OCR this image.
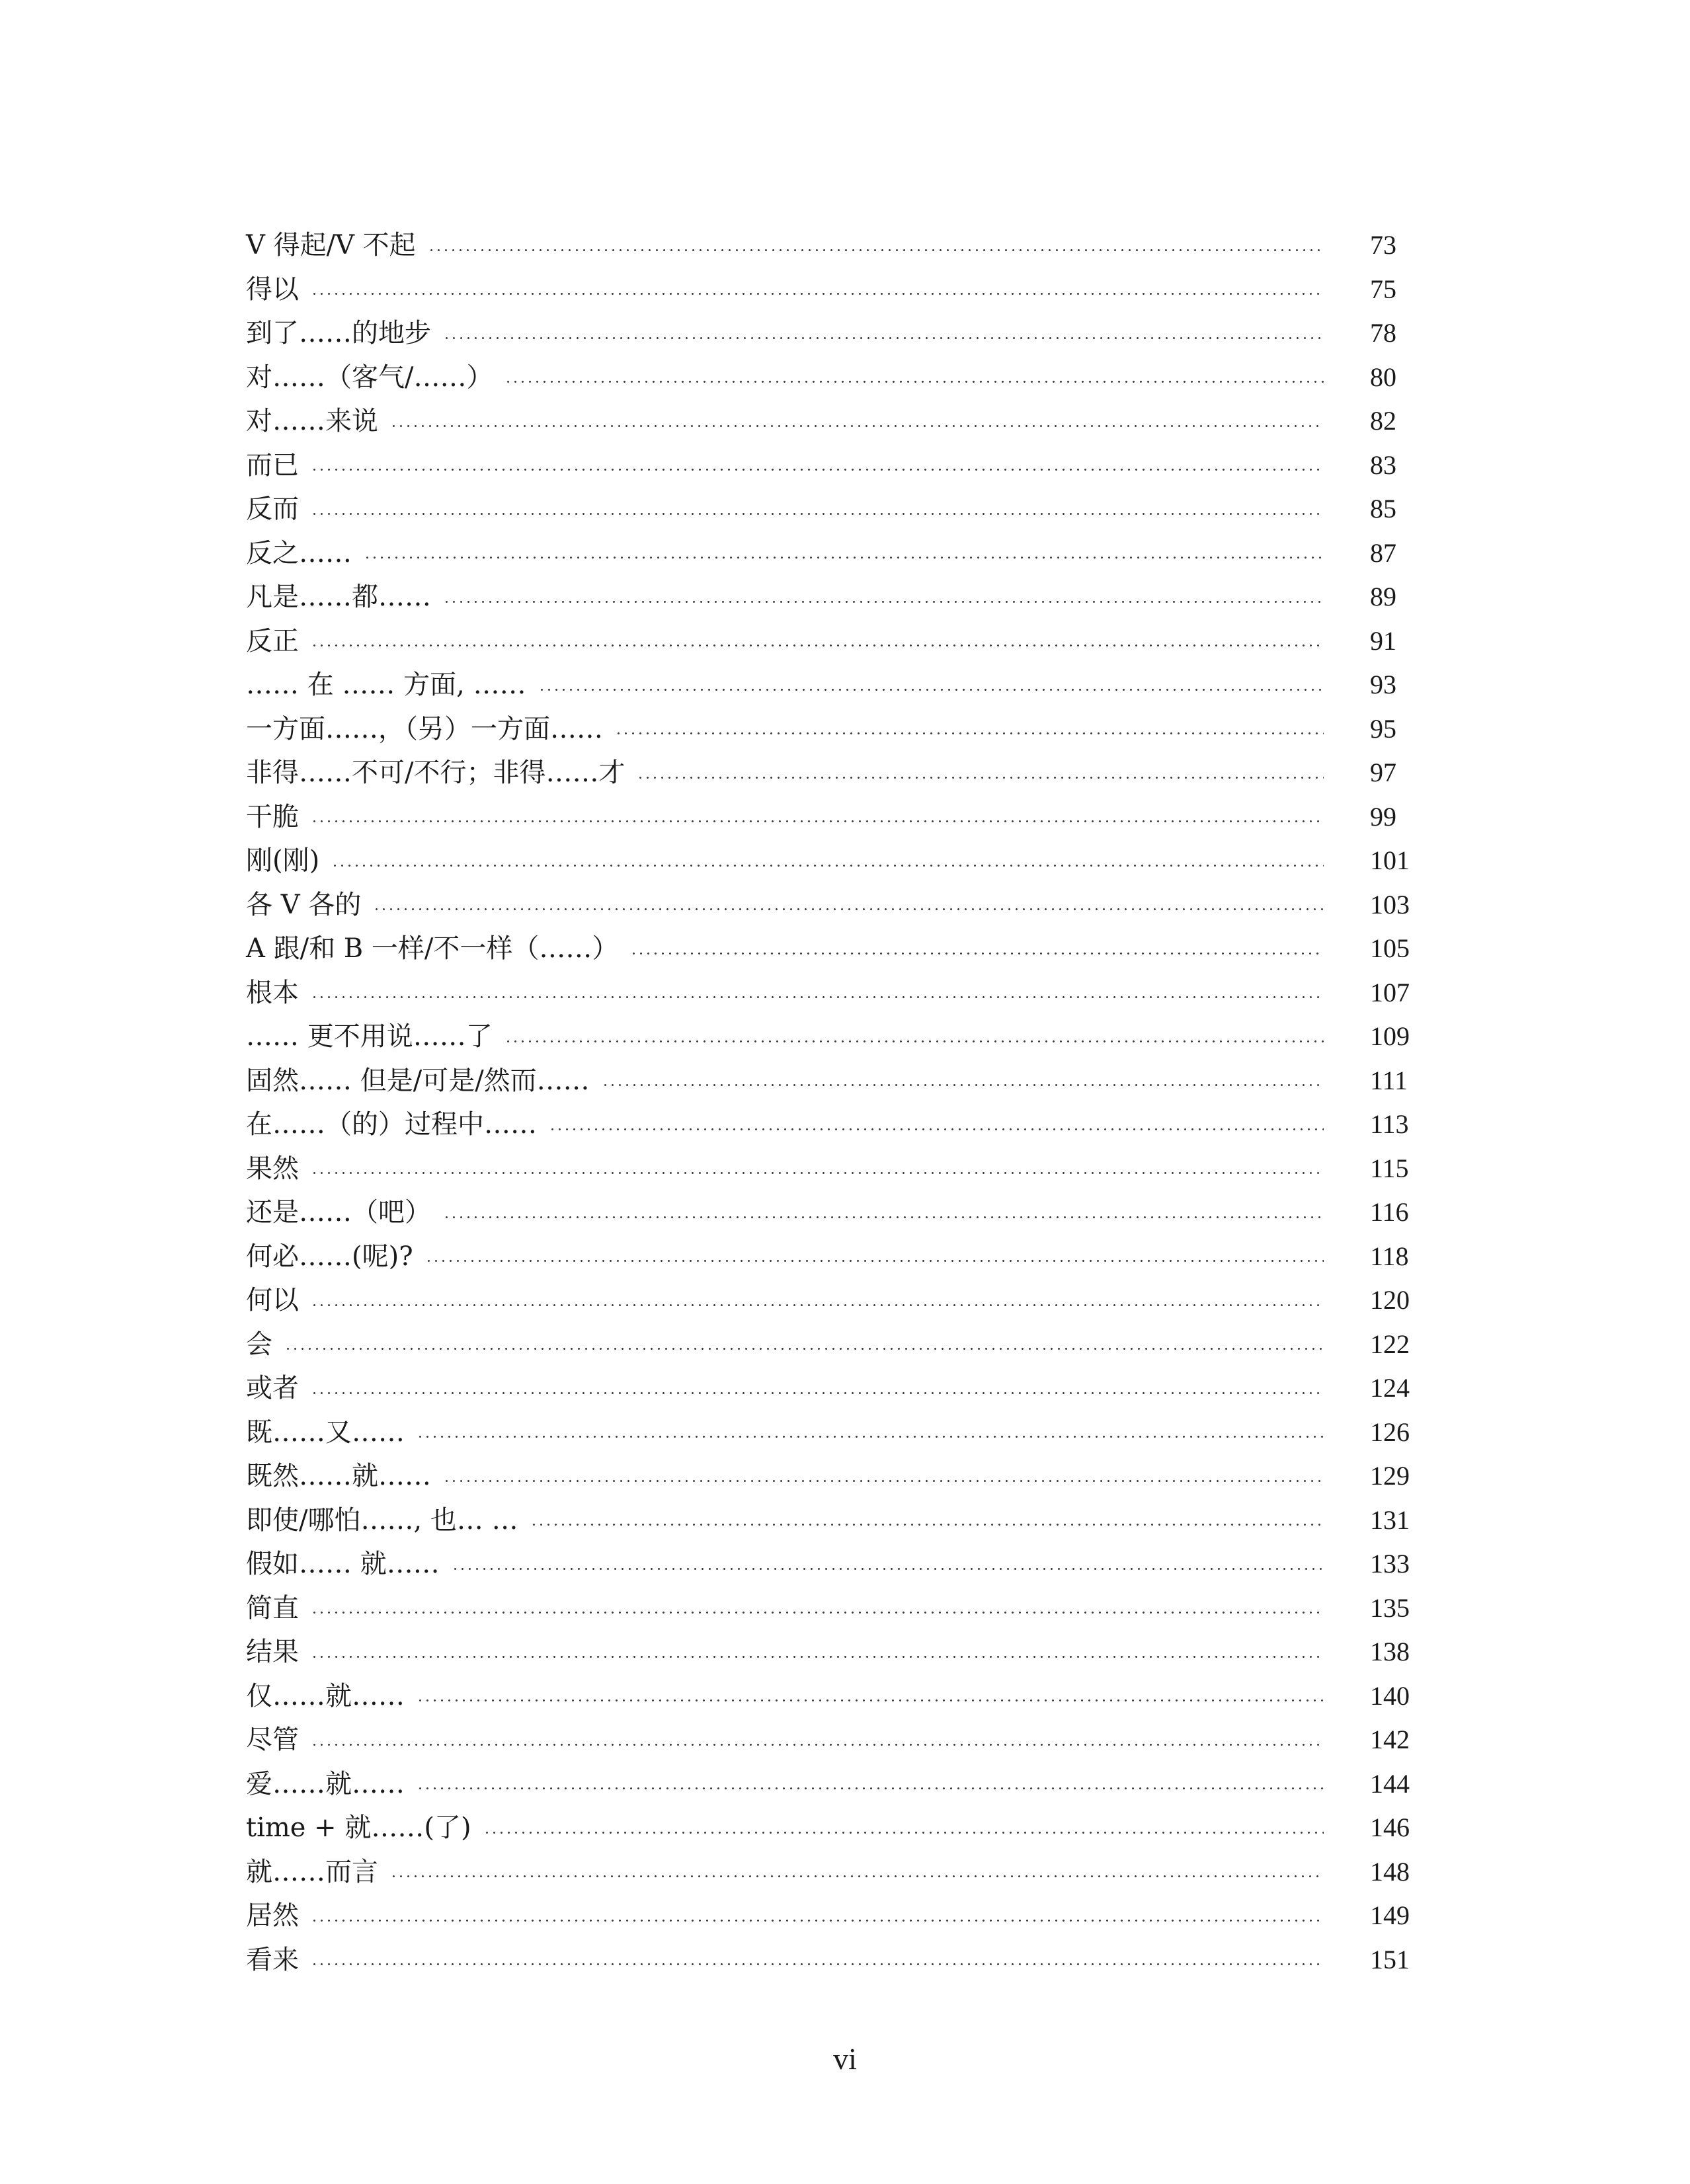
V 得起/V 不起	73
得以	75
到了……的地步	78
对……（客气/……）	80
对……来说	82
而已	83
反而	85
反之……	87
凡是……都……	89
反正	91
…… 在 …… 方面, ……	93
一方面……，（另）一方面……	95
非得……不可/不行；非得……才	97
干脆	99
刚(刚)	101
各 V 各的	103
A 跟/和 B 一样/不一样（……）	105
根本	107
…… 更不用说……了	109
固然…… 但是/可是/然而……	111
在……（的）过程中……	113
果然	115
还是……（吧）	116
何必……(呢)?	118
何以	120
会	122
或者	124
既……又……	126
既然……就……	129
即使/哪怕……, 也… …	131
假如…… 就……	133
简直	135
结果	138
仅……就……	140
尽管	142
爱……就……	144
time + 就……(了)	146
就……而言	148
居然	149
看来	151
vi
